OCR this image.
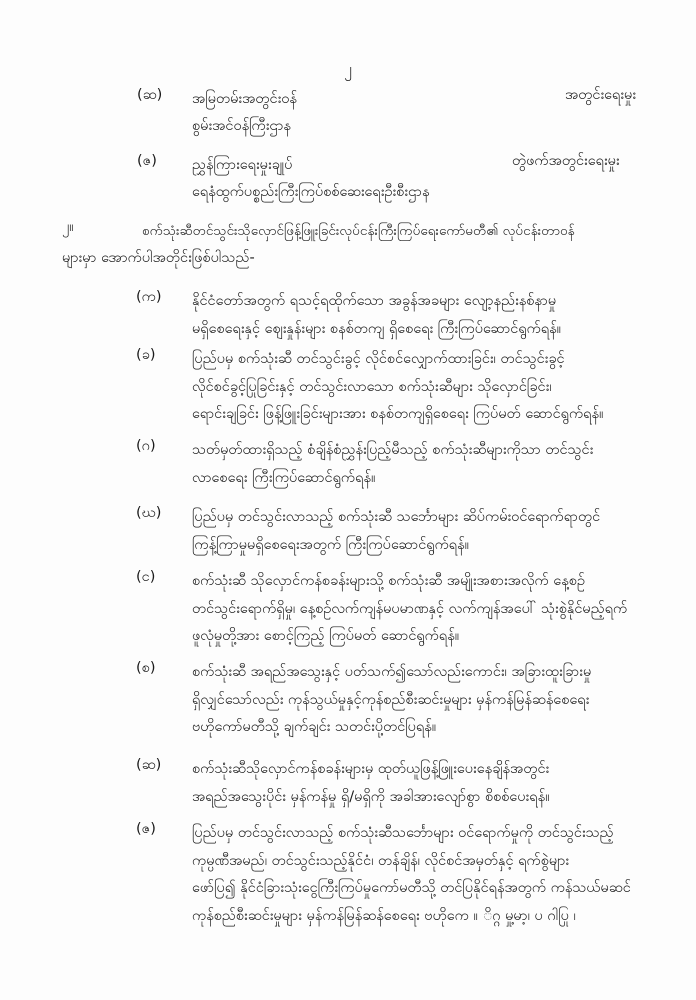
၂
(ဆ) အမြတမ်းအတွင်းဝန်	အတွင်းရေးမှုး
စွမ်းအင်ဝန်ကြီးဌာန
(ဇ) ညွှန်ကြားရေးမှုးချုပ်	တွဲဖက်အတွင်းရေးမှုး
ရေနံထွက်ပစ္စည်းကြီးကြပ်စစ်ဆေးရေးဦးစီးဌာန
၂။	စက်သုံးဆီတင်သွင်းသိုလှောင်ဖြန့်ဖြူးခြင်းလုပ်ငန်းကြီးကြပ်ရေးကော်မတီ၏ လုပ်ငန်းတာဝန်
များမှာ အောက်ပါအတိုင်းဖြစ်ပါသည်-
(က) နိုင်ငံတော်အတွက် ရသင့်ရထိုက်သော အခွန်အခများ လျော့နည်းနစ်နာမှု
မရှိစေရေးနှင့် ဈေးနှုန်းများ စနစ်တကျ ရှိစေရေး ကြီးကြပ်ဆောင်ရွက်ရန်။
(ခ)	ပြည်ပမှ စက်သုံးဆီ တင်သွင်းခွင့် လိုင်စင်လျှောက်ထားခြင်း၊ တင်သွင်းခွင့်
လိုင်စင်ခွင့်ပြုခြင်းနှင့် တင်သွင်းလာသော စက်သုံးဆီများ သိုလှောင်ခြင်း၊
ရောင်းချခြင်း ဖြန့်ဖြူးခြင်းများအား စနစ်တကျရှိစေရေး ကြပ်မတ် ဆောင်ရွက်ရန်။
(ဂ)	သတ်မှတ်ထားရှိသည့် စံချိန်စံညွှန်းပြည့်မီသည့် စက်သုံးဆီများကိုသာ တင်သွင်း
လာစေရေး ကြီးကြပ်ဆောင်ရွက်ရန်။
(ဃ) ပြည်ပမှ တင်သွင်းလာသည့် စက်သုံးဆီ သင်္ဘောများ ဆိပ်ကမ်းဝင်ရောက်ရာတွင်
ကြန့်ကြာမှုမရှိစေရေးအတွက် ကြီးကြပ်ဆောင်ရွက်ရန်။
(င)	စက်သုံးဆီ သိုလှောင်ကန်စခန်းများသို့ စက်သုံးဆီ အမျိုးအစားအလိုက် နေ့စဉ်
တင်သွင်းရောက်ရှိမှု၊ နေ့စဉ်လက်ကျန်မပမာဏနှင့် လက်ကျန်အပေါ် သုံးစွဲနိုင်မည့်ရက်
ဖူလုံမှုတို့အား စောင့်ကြည့် ကြပ်မတ် ဆောင်ရွက်ရန်။
(စ)	စက်သုံးဆီ အရည်အသွေးနှင့် ပတ်သက်၍သော်လည်းကောင်း၊ အခြားထူးခြားမှု
ရှိလျှင်သော်လည်း ကုန်သွယ်မှုနှင့်ကုန်စည်စီးဆင်းမှုများ မှန်ကန်မြန်ဆန်စေရေး
ဗဟိုကော်မတီသို့ ချက်ချင်း သတင်းပို့တင်ပြရန်။
(ဆ) စက်သုံးဆီသိုလှောင်ကန်စခန်းများမှ ထုတ်ယူဖြန့်ဖြူးပေးနေချိန်အတွင်း
အရည်အသွေးပိုင်း မှန်ကန်မှု ရှိ/မရှိကို အခါအားလျော်စွာ စိစစ်ပေးရန်။
(ဇ) ပြည်ပမှ တင်သွင်းလာသည့် စက်သုံးဆီသင်္ဘောများ ဝင်ရောက်မှုကို တင်သွင်းသည့်
ကုမ္ပဏီအမည်၊ တင်သွင်းသည့်နိုင်ငံ၊ တန်ချိန်၊ လိုင်စင်အမှတ်နှင့် ရက်စွဲများ
ဖော်ပြ၍ နိုင်ငံခြားသုံးငွေကြီးကြပ်မှုကော်မတီသို့ တင်ပြနိုင်ရန်အတွက် ကန်သယ်မဆင်
ကုန်စည်စီးဆင်းမှုများ မှန်ကန်မြန်ဆန်စေရေး ဗဟိုကေ ။ ိဂ္ဂ မှု့မာ့၊ ပ ဂါပြု ၊
